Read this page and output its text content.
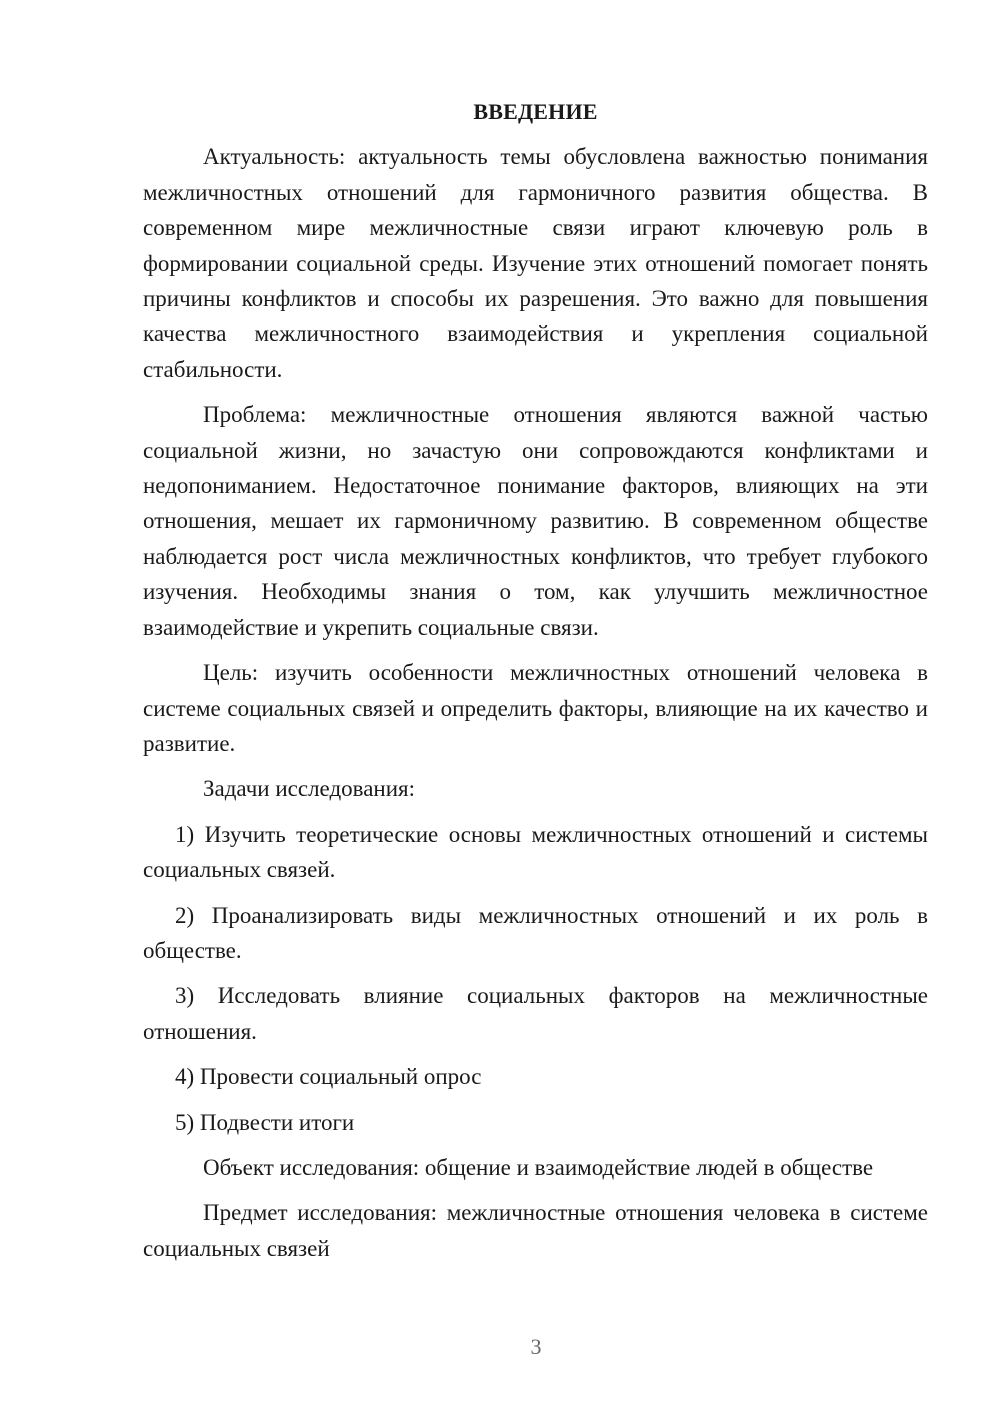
ВВЕДЕНИЕ

Актуальность: актуальность темы обусловлена важностью понимания межличностных отношений для гармоничного развития общества. В современном мире межличностные связи играют ключевую роль в формировании социальной среды. Изучение этих отношений помогает понять причины конфликтов и способы их разрешения. Это важно для повышения качества межличностного взаимодействия и укрепления социальной стабильности.

Проблема: межличностные отношения являются важной частью социальной жизни, но зачастую они сопровождаются конфликтами и недопониманием. Недостаточное понимание факторов, влияющих на эти отношения, мешает их гармоничному развитию. В современном обществе наблюдается рост числа межличностных конфликтов, что требует глубокого изучения. Необходимы знания о том, как улучшить межличностное взаимодействие и укрепить социальные связи.

Цель: изучить особенности межличностных отношений человека в системе социальных связей и определить факторы, влияющие на их качество и развитие.

Задачи исследования:

1) Изучить теоретические основы межличностных отношений и системы социальных связей.

2) Проанализировать виды межличностных отношений и их роль в обществе.

3) Исследовать влияние социальных факторов на межличностные отношения.

4) Провести социальный опрос

5) Подвести итоги

Объект исследования: общение и взаимодействие людей в обществе

Предмет исследования: межличностные отношения человека в системе социальных связей

3
